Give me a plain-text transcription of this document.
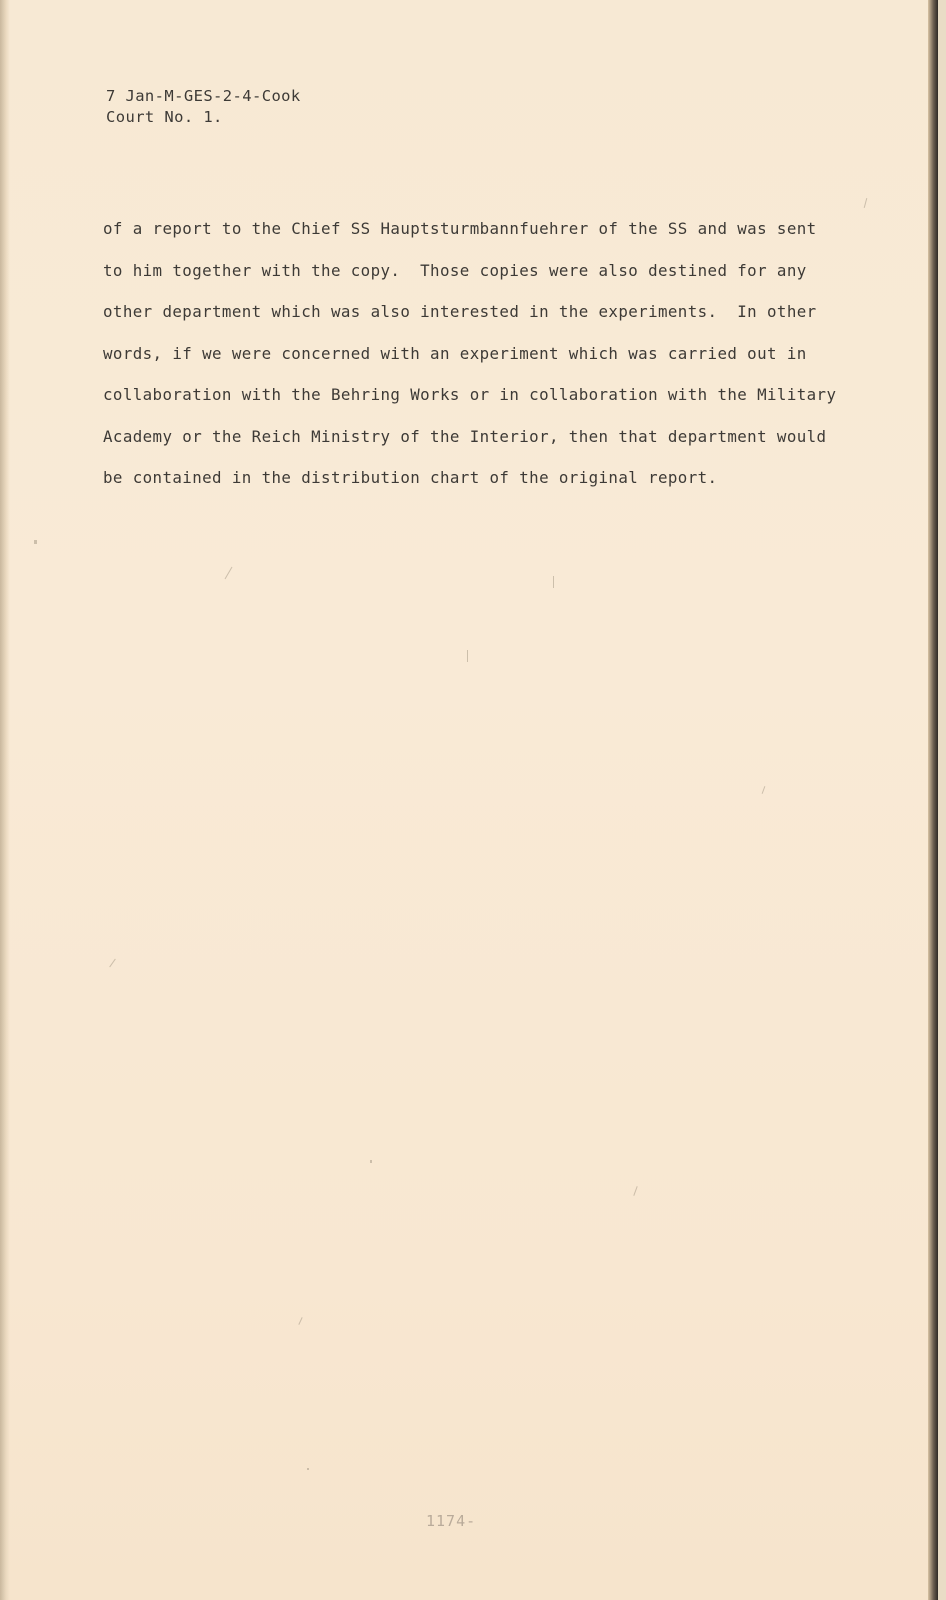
7 Jan-M-GES-2-4-Cook
Court No. 1.
of a report to the Chief SS Hauptsturmbannfuehrer of the SS and was sent
to him together with the copy.  Those copies were also destined for any
other department which was also interested in the experiments.  In other
words, if we were concerned with an experiment which was carried out in
collaboration with the Behring Works or in collaboration with the Military
Academy or the Reich Ministry of the Interior, then that department would
be contained in the distribution chart of the original report.
1174-
